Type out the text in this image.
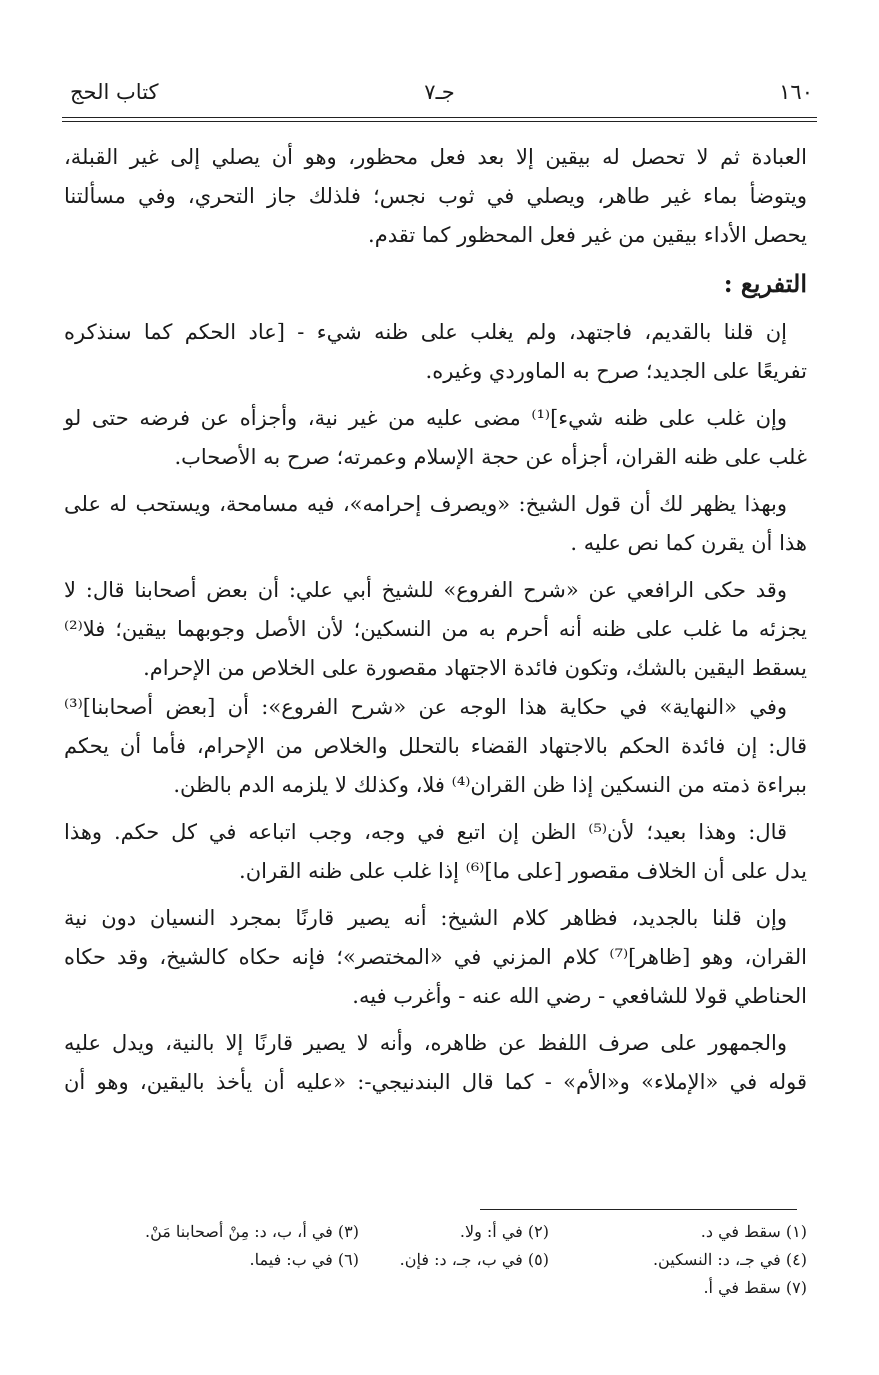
١٦٠
جـ٧
كتاب الحج
العبادة ثم لا تحصل له بيقين إلا بعد فعل محظور، وهو أن يصلي إلى غير القبلة،
ويتوضأ بماء غير طاهر، ويصلي في ثوب نجس؛ فلذلك جاز التحري، وفي مسألتنا
يحصل الأداء بيقين من غير فعل المحظور كما تقدم.
التفريع :
إن قلنا بالقديم، فاجتهد، ولم يغلب على ظنه شيء - [عاد الحكم كما سنذكره
تفريعًا على الجديد؛ صرح به الماوردي وغيره.
وإن غلب على ظنه شيء]⁽¹⁾ مضى عليه من غير نية، وأجزأه عن فرضه حتى لو
غلب على ظنه القران، أجزأه عن حجة الإسلام وعمرته؛ صرح به الأصحاب.
وبهذا يظهر لك أن قول الشيخ: «ويصرف إحرامه»، فيه مسامحة، ويستحب له على
هذا أن يقرن كما نص عليه .
وقد حكى الرافعي عن «شرح الفروع» للشيخ أبي علي: أن بعض أصحابنا قال: لا
يجزئه ما غلب على ظنه أنه أحرم به من النسكين؛ لأن الأصل وجوبهما بيقين؛ فلا⁽²⁾
يسقط اليقين بالشك، وتكون فائدة الاجتهاد مقصورة على الخلاص من الإحرام.
وفي «النهاية» في حكاية هذا الوجه عن «شرح الفروع»: أن [بعض أصحابنا]⁽³⁾
قال: إن فائدة الحكم بالاجتهاد القضاء بالتحلل والخلاص من الإحرام، فأما أن يحكم
ببراءة ذمته من النسكين إذا ظن القران⁽⁴⁾ فلا، وكذلك لا يلزمه الدم بالظن.
قال: وهذا بعيد؛ لأن⁽⁵⁾ الظن إن اتبع في وجه، وجب اتباعه في كل حكم. وهذا
يدل على أن الخلاف مقصور [على ما]⁽⁶⁾ إذا غلب على ظنه القران.
وإن قلنا بالجديد، فظاهر كلام الشيخ: أنه يصير قارنًا بمجرد النسيان دون نية
القران، وهو [ظاهر]⁽⁷⁾ كلام المزني في «المختصر»؛ فإنه حكاه كالشيخ، وقد حكاه
الحناطي قولا للشافعي - رضي الله عنه - وأغرب فيه.
والجمهور على صرف اللفظ عن ظاهره، وأنه لا يصير قارنًا إلا بالنية، ويدل عليه
قوله في «الإملاء» و«الأم» - كما قال البندنيجي-: «عليه أن يأخذ باليقين، وهو أن
(١) سقط في د.
(٢) في أ: ولا.
(٣) في أ، ب، د: مِنْ أصحابنا مَنْ.
(٤) في جـ، د: النسكين.
(٥) في ب، جـ، د: فإن.
(٦) في ب: فيما.
(٧) سقط في أ.
